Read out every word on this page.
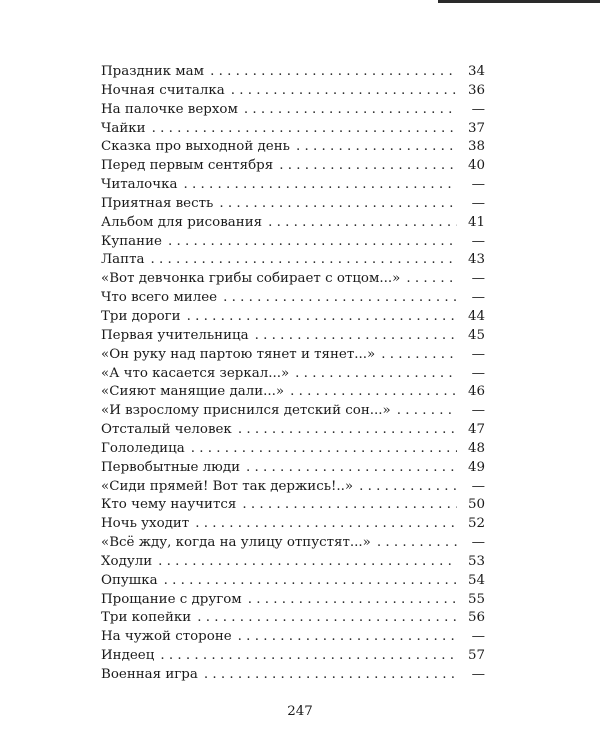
Праздник мам . . .	34
Ночная считалка . . .	36
На палочке верхом . . .	—
Чайки . . .	37
Сказка про выходной день . . .	38
Перед первым сентября . . .	40
Читалочка . . .	—
Приятная весть . . .	—
Альбом для рисования . . .	41
Купание . . .	—
Лапта . . .	43
«Вот девчонка грибы собирает с отцом...» . . .	—
Что всего милее . . .	—
Три дороги . . .	44
Первая учительница . . .	45
«Он руку над партою тянет и тянет...» . . .	—
«А что касается зеркал...» . . .	—
«Сияют манящие дали...» . . .	46
«И взрослому приснился детский сон...» . . .	—
Отсталый человек . . .	47
Гололедица . . .	48
Первобытные люди . . .	49
«Сиди прямей! Вот так держись!..» . . .	—
Кто чему научится . . .	50
Ночь уходит . . .	52
«Всё жду, когда на улицу отпустят...» . . .	—
Ходули . . .	53
Опушка . . .	54
Прощание с другом . . .	55
Три копейки . . .	56
На чужой стороне . . .	—
Индеец . . .	57
Военная игра . . .	—
247
